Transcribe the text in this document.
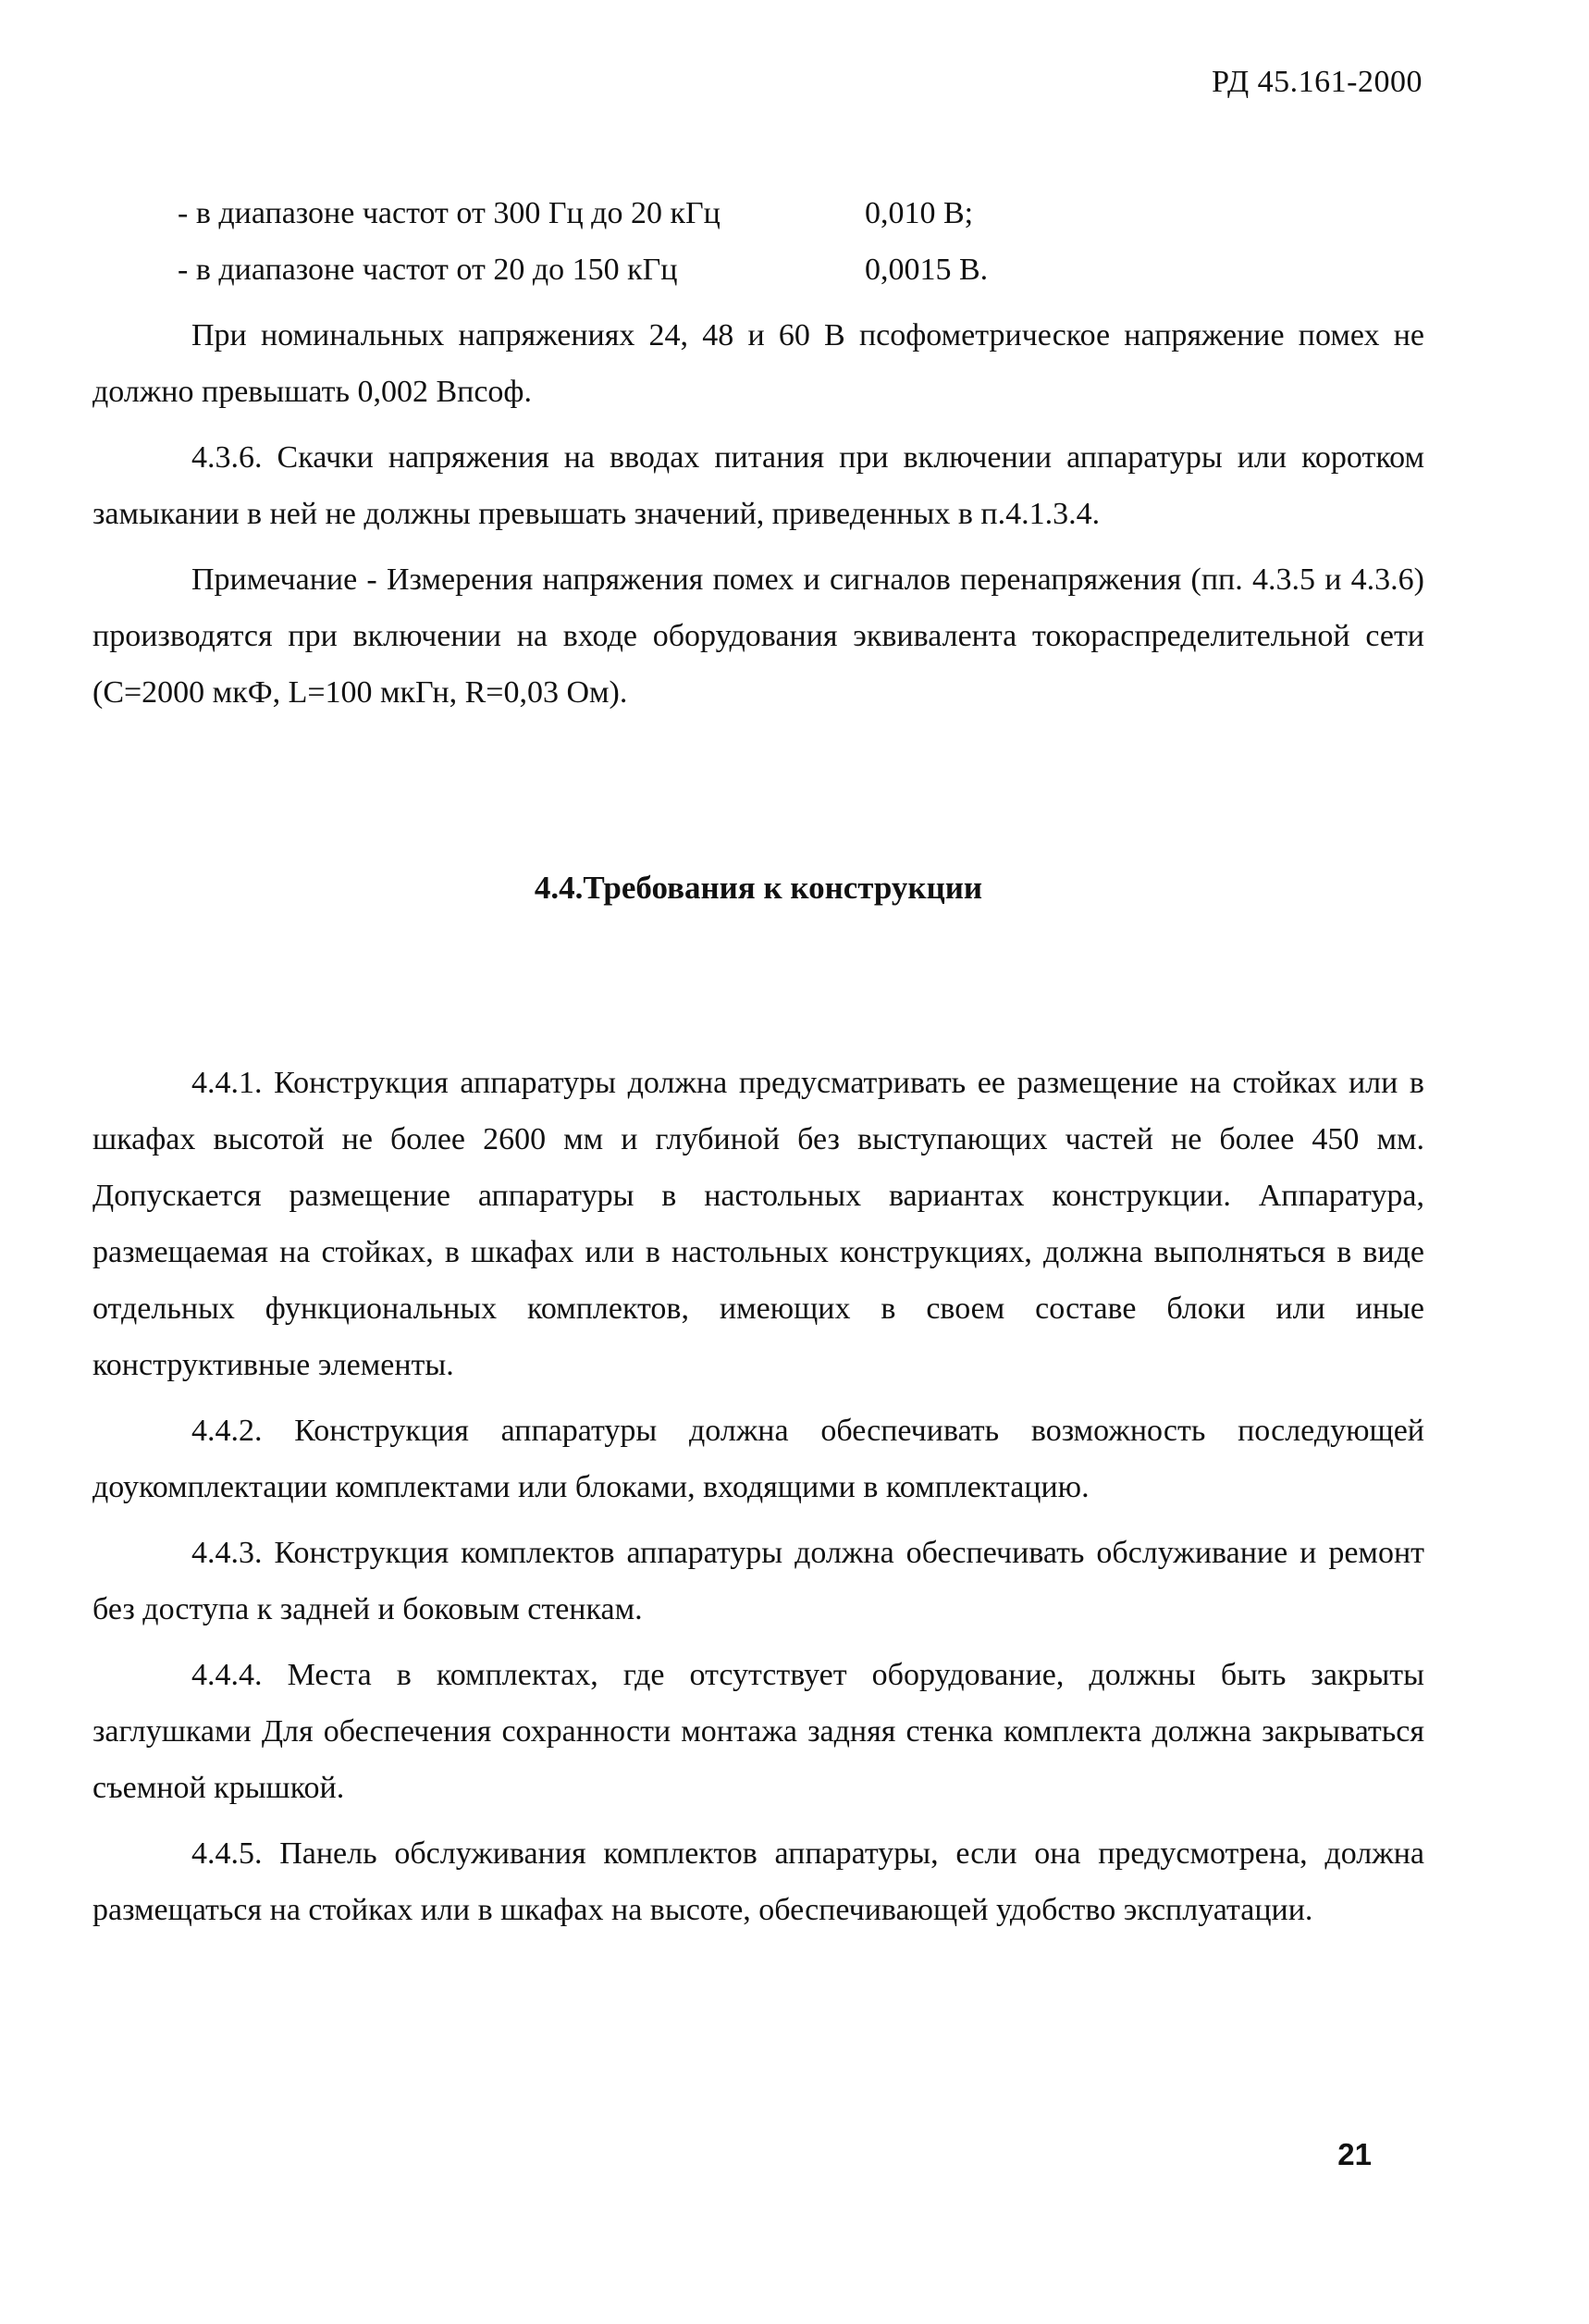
РД 45.161-2000
- в диапазоне частот от 300 Гц до 20 кГц	0,010 В;
- в диапазоне частот от 20 до 150 кГц	0,0015 В.

При номинальных напряжениях 24, 48 и 60 В псофометрическое напряжение помех не должно превышать 0,002 Впсоф.

4.3.6. Скачки напряжения на вводах питания при включении аппаратуры или коротком замыкании в ней не должны превышать значений, приведенных в п.4.1.3.4.

Примечание - Измерения напряжения помех и сигналов перенапряжения (пп. 4.3.5 и 4.3.6) производятся при включении на входе оборудования эквивалента токораспределительной сети (С=2000 мкФ, L=100 мкГн, R=0,03 Ом).

4.4.Требования к конструкции

4.4.1. Конструкция аппаратуры должна предусматривать ее размещение на стойках или в шкафах высотой не более 2600 мм и глубиной без выступающих частей не более 450 мм. Допускается размещение аппаратуры в настольных вариантах конструкции. Аппаратура, размещаемая на стойках, в шкафах или в настольных конструкциях, должна выполняться в виде отдельных функциональных комплектов, имеющих в своем составе блоки или иные конструктивные элементы.

4.4.2. Конструкция аппаратуры должна обеспечивать возможность последующей доукомплектации комплектами или блоками, входящими в комплектацию.

4.4.3. Конструкция комплектов аппаратуры должна обеспечивать обслуживание и ремонт без доступа к задней и боковым стенкам.

4.4.4. Места в комплектах, где отсутствует оборудование, должны быть закрыты заглушками Для обеспечения сохранности монтажа задняя стенка комплекта должна закрываться съемной крышкой.

4.4.5. Панель обслуживания комплектов аппаратуры, если она предусмотрена, должна размещаться на стойках или в шкафах на высоте, обеспечивающей удобство эксплуатации.

21
